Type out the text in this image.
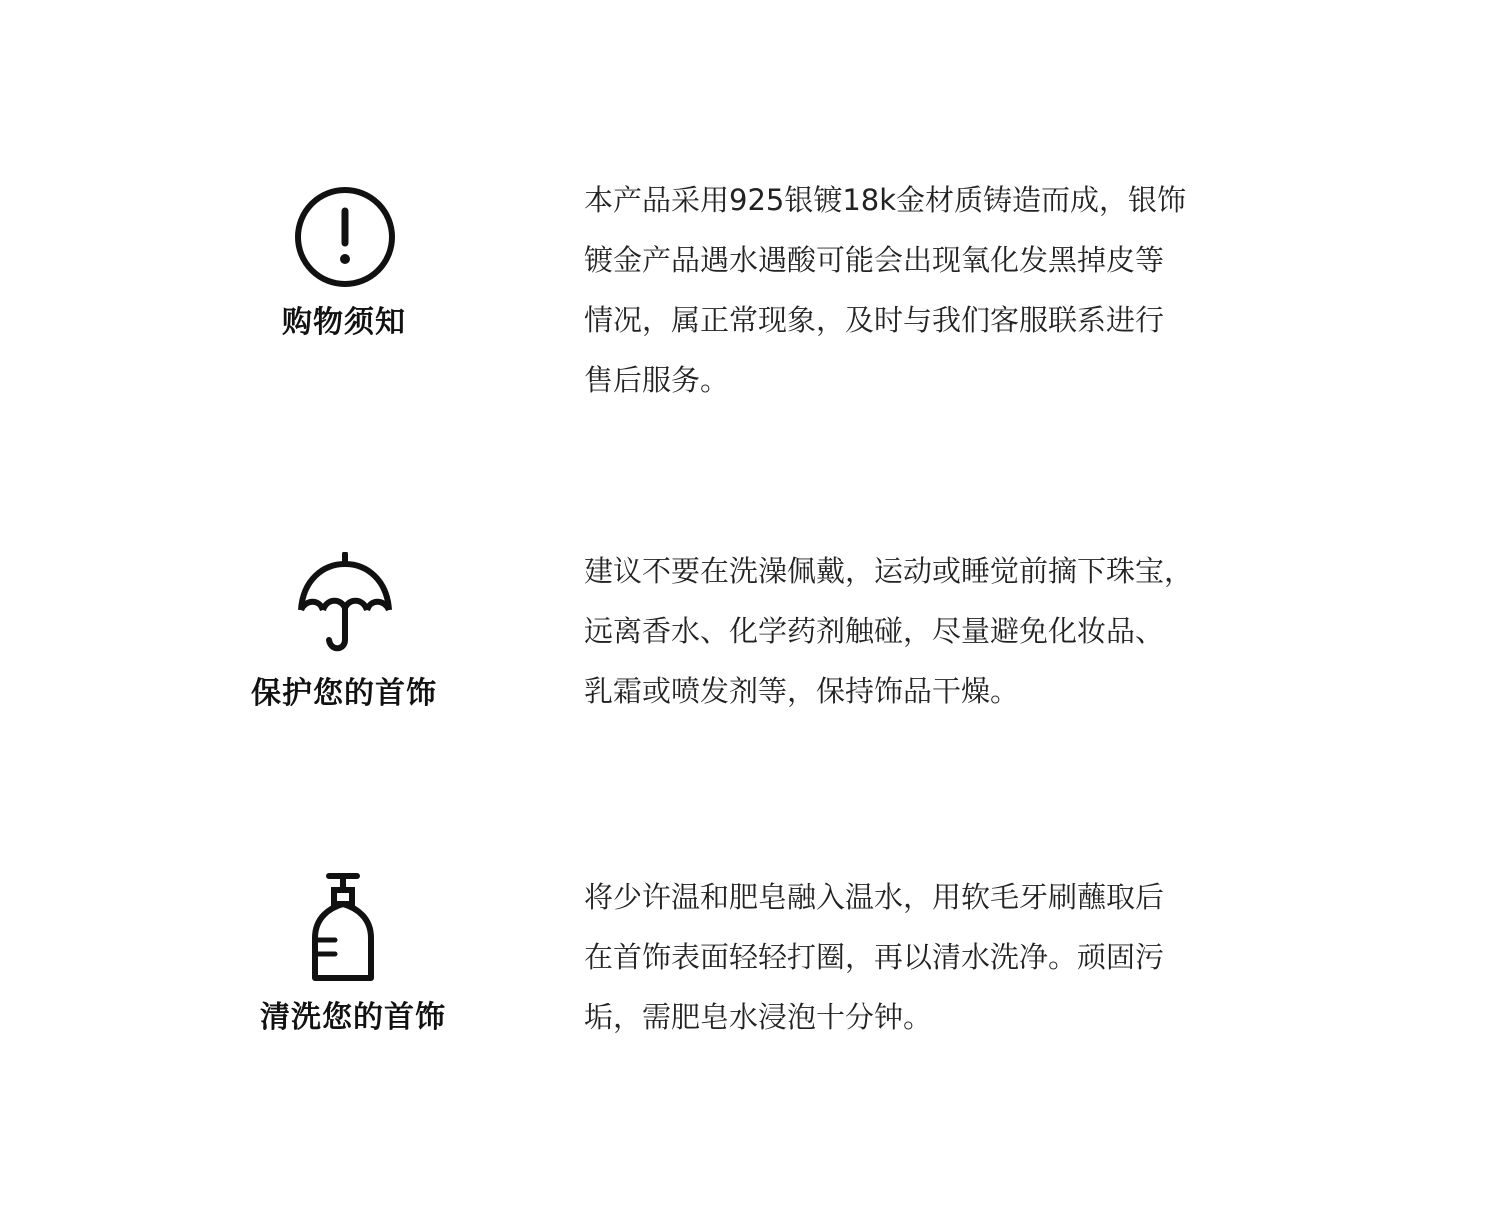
购物须知
本产品采用925银镀18k金材质铸造而成，银饰
镀金产品遇水遇酸可能会出现氧化发黑掉皮等
情况，属正常现象，及时与我们客服联系进行
售后服务。
保护您的首饰
建议不要在洗澡佩戴，运动或睡觉前摘下珠宝，
远离香水、化学药剂触碰，尽量避免化妆品、
乳霜或喷发剂等，保持饰品干燥。
清洗您的首饰
将少许温和肥皂融入温水，用软毛牙刷蘸取后
在首饰表面轻轻打圈，再以清水洗净。顽固污
垢，需肥皂水浸泡十分钟。
